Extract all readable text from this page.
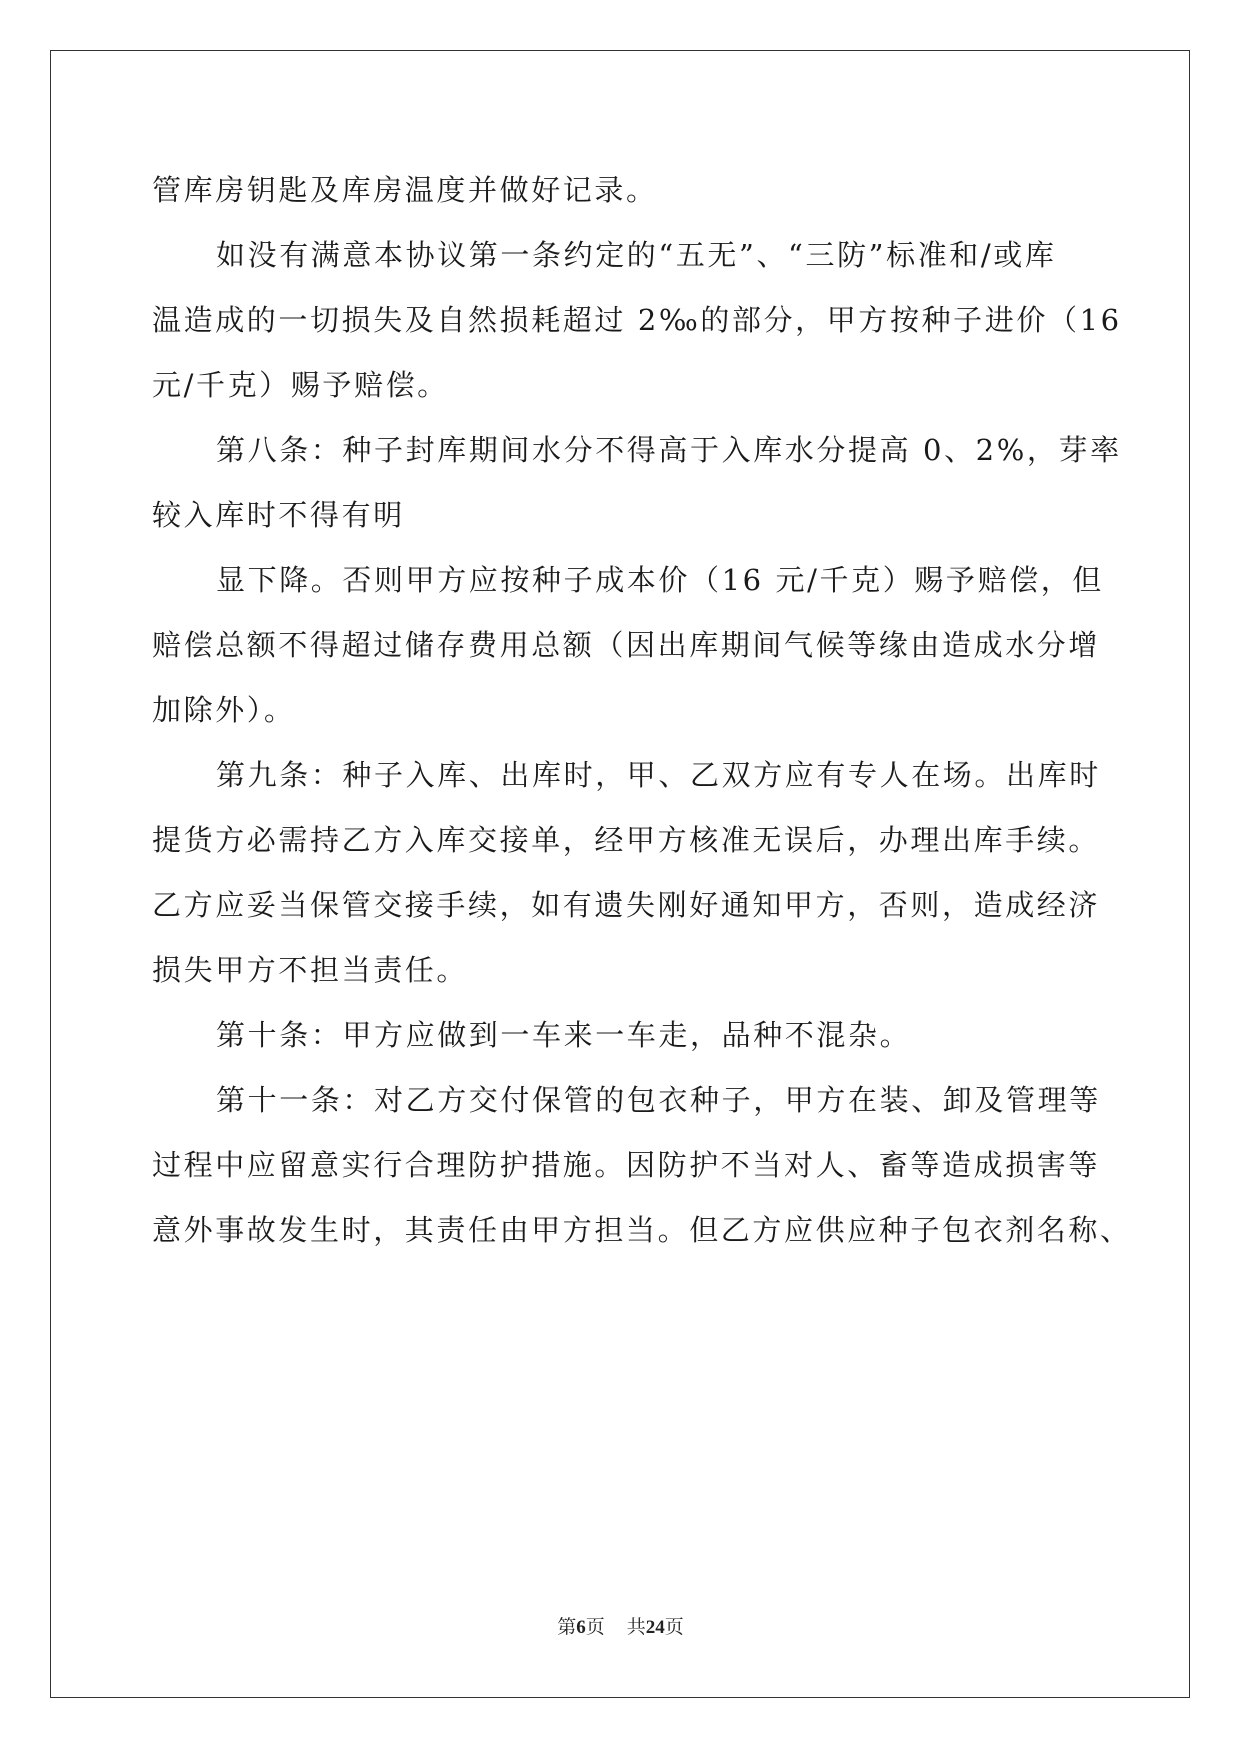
管库房钥匙及库房温度并做好记录。

如没有满意本协议第一条约定的“五无”、“三防”标准和/或库

温造成的一切损失及自然损耗超过 2‰的部分，甲方按种子进价（16

元/千克）赐予赔偿。

第八条：种子封库期间水分不得高于入库水分提高 0、2%，芽率

较入库时不得有明

显下降。否则甲方应按种子成本价（16 元/千克）赐予赔偿，但

赔偿总额不得超过储存费用总额（因出库期间气候等缘由造成水分增

加除外）。

第九条：种子入库、出库时，甲、乙双方应有专人在场。出库时

提货方必需持乙方入库交接单，经甲方核准无误后，办理出库手续。

乙方应妥当保管交接手续，如有遗失刚好通知甲方，否则，造成经济

损失甲方不担当责任。

第十条：甲方应做到一车来一车走，品种不混杂。

第十一条：对乙方交付保管的包衣种子，甲方在装、卸及管理等

过程中应留意实行合理防护措施。因防护不当对人、畜等造成损害等

意外事故发生时，其责任由甲方担当。但乙方应供应种子包衣剂名称、

第6页 共24页
